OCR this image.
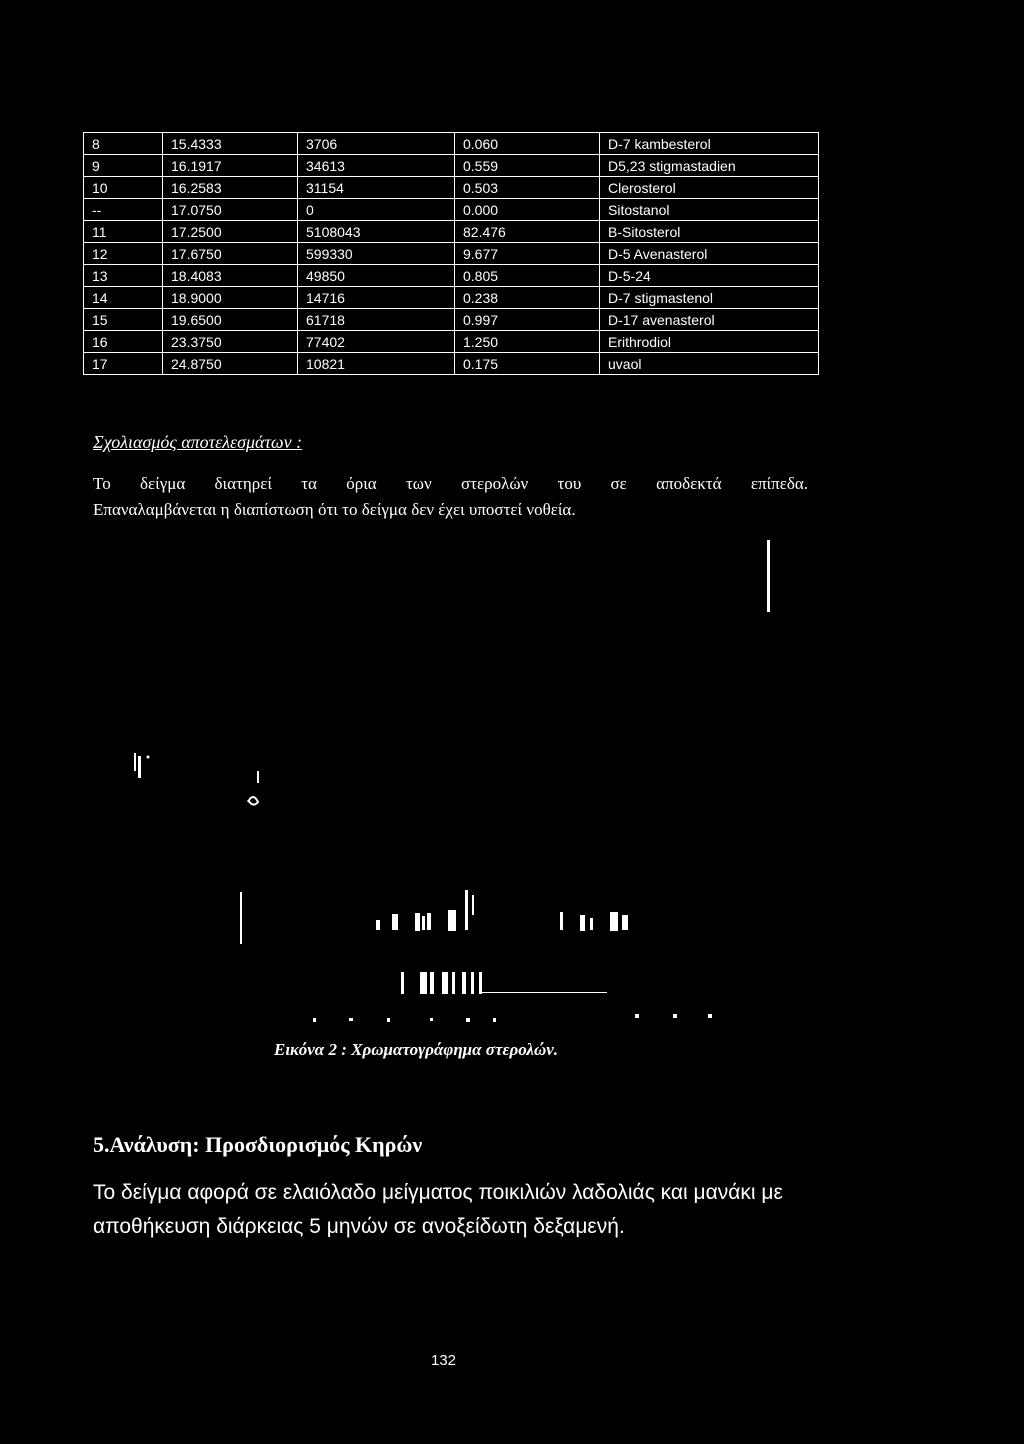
8	15.4333	3706	0.060	D-7 kambesterol
9	16.1917	34613	0.559	D5,23 stigmastadien
10	16.2583	31154	0.503	Clerosterol
--	17.0750	0	0.000	Sitostanol
11	17.2500	5108043	82.476	B-Sitosterol
12	17.6750	599330	9.677	D-5 Avenasterol
13	18.4083	49850	0.805	D-5-24
14	18.9000	14716	0.238	D-7 stigmastenol
15	19.6500	61718	0.997	D-17 avenasterol
16	23.3750	77402	1.250	Erithrodiol
17	24.8750	10821	0.175	uvaol
Σχολιασμός αποτελεσμάτων :
Το δείγμα διατηρεί τα όρια των στερολών του σε αποδεκτά επίπεδα.
Επαναλαμβάνεται η διαπίστωση ότι το δείγμα δεν έχει υποστεί νοθεία.
Εικόνα 2 : Χρωματογράφημα στερολών.
5.Ανάλυση: Προσδιορισμός Κηρών
Το δείγμα αφορά σε ελαιόλαδο μείγματος ποικιλιών λαδολιάς και μανάκι με αποθήκευση διάρκειας 5 μηνών σε ανοξείδωτη δεξαμενή.
132
